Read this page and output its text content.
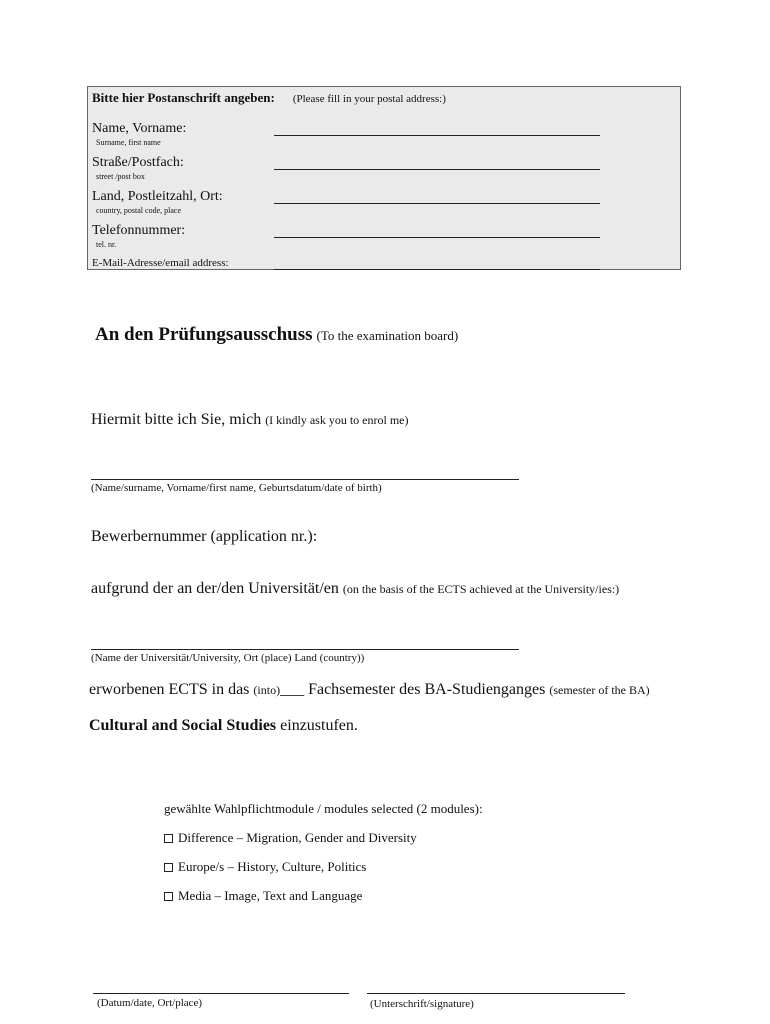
Bitte hier Postanschrift angeben: (Please fill in your postal address:)
Name, Vorname:
Surname, first name
Straße/Postfach:
street /post box
Land, Postleitzahl, Ort:
country, postal code, place
Telefonnummer:
tel. nr.
E-Mail-Adresse/email address:
An den Prüfungsausschuss (To the examination board)
Hiermit bitte ich Sie, mich (I kindly ask you to enrol me)
(Name/surname, Vorname/first name, Geburtsdatum/date of birth)
Bewerbernummer (application nr.):
aufgrund der an der/den Universität/en (on the basis of the ECTS achieved at the University/ies:)
(Name der Universität/University, Ort (place) Land (country))
erworbenen ECTS in das (into)___ Fachsemester des BA-Studienganges (semester of the BA)
Cultural and Social Studies einzustufen.
gewählte Wahlpflichtmodule / modules selected (2 modules):
Difference – Migration, Gender and Diversity
Europe/s – History, Culture, Politics
Media – Image, Text and Language
(Datum/date, Ort/place)	(Unterschrift/signature)
